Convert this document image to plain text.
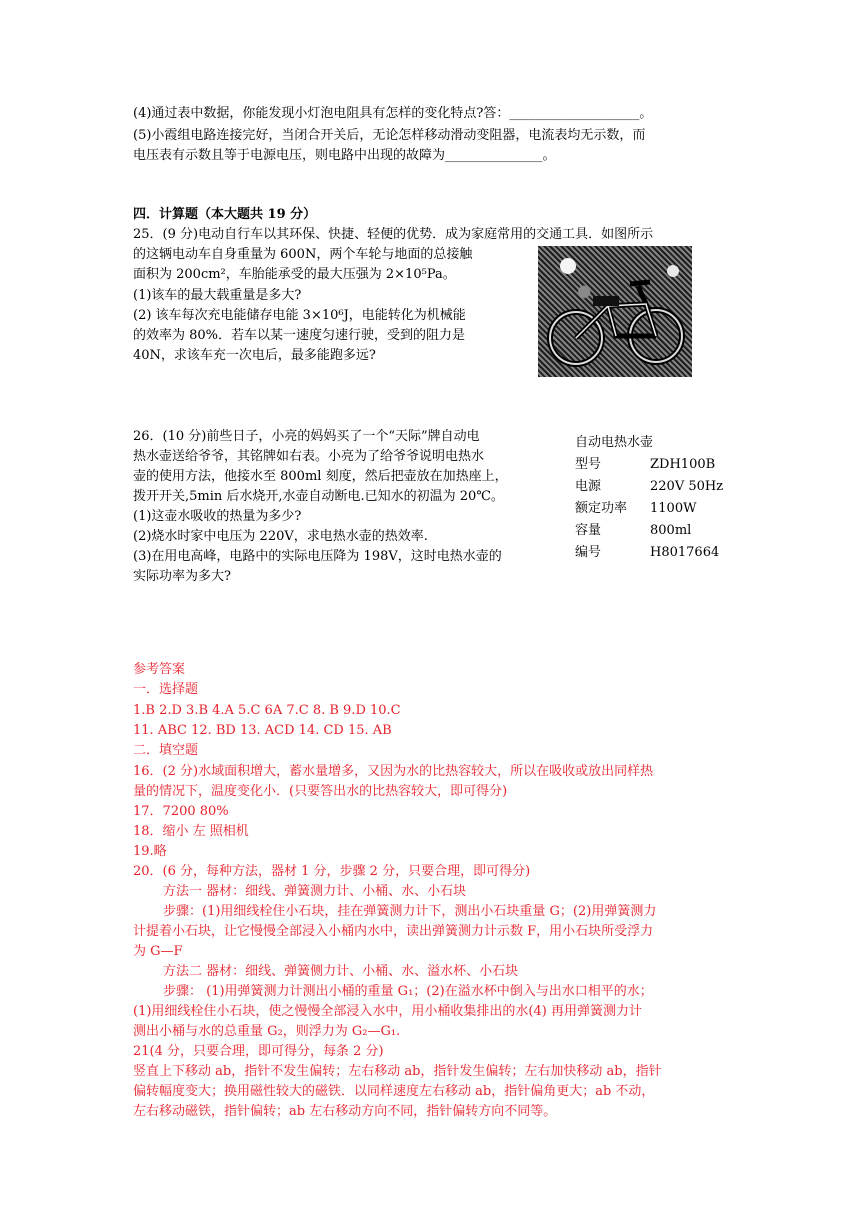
(4)通过表中数据，你能发现小灯泡电阻具有怎样的变化特点?答：____________________。
(5)小霞组电路连接完好，当闭合开关后，无论怎样移动滑动变阻器，电流表均无示数，而
电压表有示数且等于电源电压，则电路中出现的故障为_______________。
四．计算题（本大题共 19 分）
25．(9 分)电动自行车以其环保、快捷、轻便的优势．成为家庭常用的交通工具．如图所示
的这辆电动车自身重量为 600N，两个车轮与地面的总接触
面积为 200cm²，车胎能承受的最大压强为 2×10⁵Pa。
(1)该车的最大载重量是多大?
(2) 该车每次充电能储存电能 3×10⁶J，电能转化为机械能
的效率为 80%．若车以某一速度匀速行驶，受到的阻力是
40N，求该车充一次电后，最多能跑多远?
26．(10 分)前些日子，小亮的妈妈买了一个“天际”牌自动电
热水壶送给爷爷，其铭牌如右表。小亮为了给爷爷说明电热水
壶的使用方法，他接水至 800ml 刻度，然后把壶放在加热座上，
拨开开关,5min 后水烧开,水壶自动断电.已知水的初温为 20℃。
(1)这壶水吸收的热量为多少?
(2)烧水时家中电压为 220V，求电热水壶的热效率.
(3)在用电高峰，电路中的实际电压降为 198V，这时电热水壶的
实际功率为多大?
自动电热水壶
型号	ZDH100B
电源	220V 50Hz
额定功率 1100W
容量	800ml
编号	H8017664
参考答案
一．选择题
1.B 2.D 3.B 4.A 5.C 6A 7.C 8. B 9.D 10.C
11. ABC 12. BD 13. ACD 14. CD 15. AB
二．填空题
16．(2 分)水域面积增大，蓄水量增多，又因为水的比热容较大，所以在吸收或放出同样热
量的情况下，温度变化小．(只要答出水的比热容较大，即可得分)
17．7200 80%
18．缩小 左 照相机
19.略
20．(6 分，每种方法，器材 1 分，步骤 2 分，只要合理，即可得分)
方法一 器材：细线、弹簧测力计、小桶、水、小石块
步骤：(1)用细线栓住小石块，挂在弹簧测力计下，测出小石块重量 G；(2)用弹簧测力
计提着小石块，让它慢慢全部浸入小桶内水中，读出弹簧测力计示数 F，用小石块所受浮力
为 G—F
方法二 器材：细线、弹簧侧力计、小桶、水、溢水杯、小石块
步骤： (1)用弹簧测力计测出小桶的重量 G₁；(2)在溢水杯中倒入与出水口相平的水；
(1)用细线栓住小石块，使之慢慢全部浸入水中，用小桶收集排出的水(4) 再用弹簧测力计
测出小桶与水的总重量 G₂，则浮力为 G₂—G₁.
21(4 分，只要合理，即可得分，每条 2 分)
竖直上下移动 ab，指针不发生偏转；左右移动 ab，指针发生偏转；左右加快移动 ab，指针
偏转幅度变大；换用磁性较大的磁铁．以同样速度左右移动 ab，指针偏角更大；ab 不动，
左右移动磁铁，指针偏转；ab 左右移动方向不同，指针偏转方向不同等。
